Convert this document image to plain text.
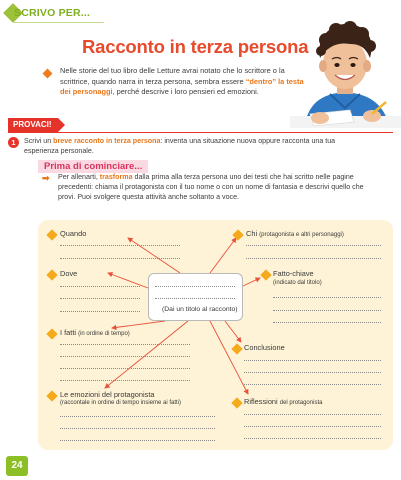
SCRIVO PER...
Racconto in terza persona
Nelle storie del tuo libro delle Letture avrai notato che lo scrittore o la scrittrice, quando narra in terza persona, sembra essere “dentro” la testa dei personaggi, perché descrive i loro pensieri ed emozioni.
PROVACI!
1	Scrivi un breve racconto in terza persona: inventa una situazione nuova oppure racconta una tua esperienza personale.
Prima di cominciare...
➡ Per allenarti, trasforma dalla prima alla terza persona uno dei testi che hai scritto nelle pagine precedenti: chiama il protagonista con il tuo nome o con un nome di fantasia e descrivi quello che provi. Puoi svolgere questa attività anche soltanto a voce.
Quando	Chi (protagonista e altri personaggi)
Dove	Fatto-chiave
(indicato dal titolo)
(Dai un titolo al racconto)
I fatti (in ordine di tempo)
Conclusione
Le emozioni del protagonista
(raccontale in ordine di tempo insieme ai fatti)	Riflessioni del protagonista
24
